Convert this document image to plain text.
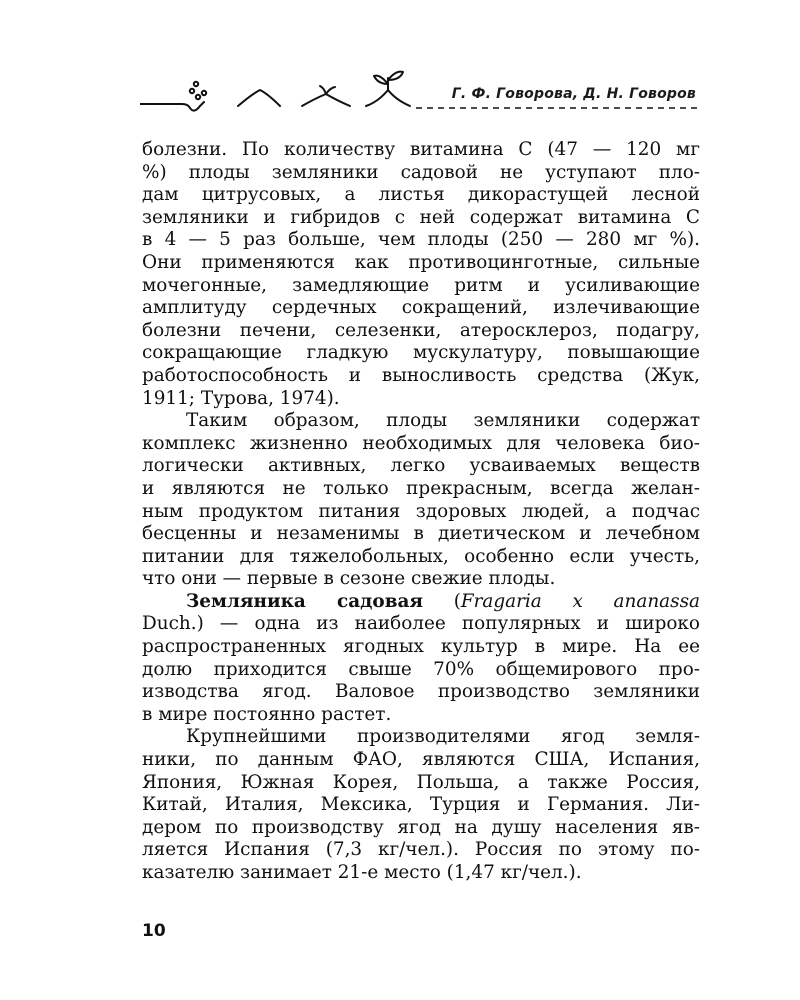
Г. Ф. Говорова, Д. Н. Говоров
болезни. По количеству витамина С (47 — 120 мг
%) плоды земляники садовой не уступают пло-
дам цитрусовых, а листья дикорастущей лесной
земляники и гибридов с ней содержат витамина С
в 4 — 5 раз больше, чем плоды (250 — 280 мг %).
Они применяются как противоцинготные, сильные
мочегонные, замедляющие ритм и усиливающие
амплитуду сердечных сокращений, излечивающие
болезни печени, селезенки, атеросклероз, подагру,
сокращающие гладкую мускулатуру, повышающие
работоспособность и выносливость средства (Жук,
1911; Турова, 1974).
Таким образом, плоды земляники содержат
комплекс жизненно необходимых для человека био-
логически активных, легко усваиваемых веществ
и являются не только прекрасным, всегда желан-
ным продуктом питания здоровых людей, а подчас
бесценны и незаменимы в диетическом и лечебном
питании для тяжелобольных, особенно если учесть,
что они — первые в сезоне свежие плоды.
Земляника садовая (Fragaria x ananassa
Duch.) — одна из наиболее популярных и широко
распространенных ягодных культур в мире. На ее
долю приходится свыше 70% общемирового про-
изводства ягод. Валовое производство земляники
в мире постоянно растет.
Крупнейшими производителями ягод земля-
ники, по данным ФАО, являются США, Испания,
Япония, Южная Корея, Польша, а также Россия,
Китай, Италия, Мексика, Турция и Германия. Ли-
дером по производству ягод на душу населения яв-
ляется Испания (7,3 кг/чел.). Россия по этому по-
казателю занимает 21-е место (1,47 кг/чел.).
10
